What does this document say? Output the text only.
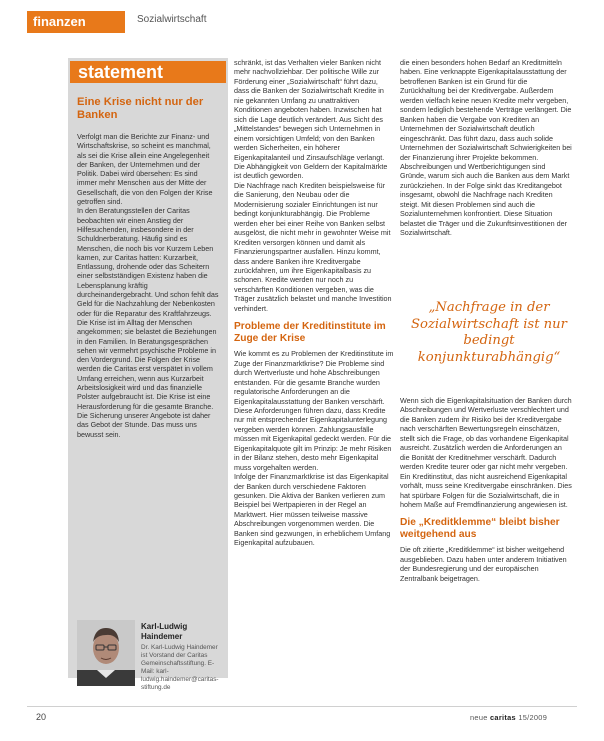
finanzen	Sozialwirtschaft
statement
Eine Krise nicht nur der Banken

Verfolgt man die Berichte zur Finanz- und Wirtschaftskrise, so scheint es manchmal, als sei die Krise allein eine Angelegenheit der Banken, der Unternehmen und der Politik. Dabei wird übersehen: Es sind immer mehr Menschen aus der Mitte der Gesellschaft, die von den Folgen der Krise getroffen sind.

In den Beratungsstellen der Caritas beobachten wir einen Anstieg der Hilfesuchenden, insbesondere in der Schuldnerberatung. Häufig sind es Menschen, die noch bis vor Kurzem Leben kamen, zur Caritas hatten: Kurzarbeit, Entlassung, drohende oder das Scheitern einer selbstständigen Existenz haben die Lebensplanung kräftig durcheinandergebracht. Und schon fehlt das Geld für die Nachzahlung der Nebenkosten oder für die Reparatur des Kraftfahrzeugs. Die Krise ist im Alltag der Menschen angekommen; sie belastet die Beziehungen in den Familien. In Beratungsgesprächen sehen wir vermehrt psychische Probleme in den Vordergrund. Die Folgen der Krise werden die Caritas erst verspätet in vollem Umfang erreichen, wenn aus Kurzarbeit Arbeitslosigkeit wird und das finanzielle Polster aufgebraucht ist. Die Krise ist eine Herausforderung für die gesamte Branche. Die Sicherung unserer Angebote ist daher das Gebot der Stunde. Das muss uns bewusst sein.

Karl-Ludwig Haindemer
Dr. Karl-Ludwig Haindemer ist Vorstand der Caritas Gemeinschaftsstiftung. E-Mail: karl-ludwig.haindemer@caritas-stiftung.de

schränkt, ist das Verhalten vieler Banken nicht mehr nachvollziehbar. Der politische Wille zur Förderung einer „Sozialwirtschaft“ führt dazu, dass die Banken der Sozialwirtschaft Kredite in nie gekannten Umfang zu unattraktiven Konditionen angeboten haben. Inzwischen hat sich die Lage deutlich verändert. Aus Sicht des „Mittelstandes“ bewegen sich Unternehmen in einem vorsichtigen Umfeld; von den Banken werden Sicherheiten, ein höherer Eigenkapitalanteil und Zinsaufschläge verlangt. Die Abhängigkeit von Geldern der Kapitalmärkte ist deutlich geworden.

Die Nachfrage nach Krediten beispielsweise für die Sanierung, den Neubau oder die Modernisierung sozialer Einrichtungen ist nur bedingt konjunkturabhängig. Die Probleme werden eher bei einer Reihe von Banken selbst ausgelöst, die nicht mehr in gewohnter Weise mit Krediten versorgen können und damit als Finanzierungspartner ausfallen. Hinzu kommt, dass andere Banken ihre Kreditvergabe zurückfahren, um ihre Eigenkapitalbasis zu schonen. Kredite werden nur noch zu verschärften Konditionen vergeben, was die Träger zusätzlich belastet und manche Investition verhindert.

Probleme der Kreditinstitute im Zuge der Krise

Wie kommt es zu Problemen der Kreditinstitute im Zuge der Finanzmarktkrise? Die Probleme sind durch Wertverluste und hohe Abschreibungen entstanden. Für die gesamte Branche wurden regulatorische Anforderungen an die Eigenkapitalausstattung der Banken verschärft. Diese Anforderungen führen dazu, dass Kredite nur mit entsprechender Eigenkapitalunterlegung vergeben werden können. Zahlungsausfälle müssen mit Eigenkapital gedeckt werden. Für die Eigenkapitalquote gilt im Prinzip: Je mehr Risiken in der Bilanz stehen, desto mehr Eigenkapital muss vorgehalten werden.

Infolge der Finanzmarktkrise ist das Eigenkapital der Banken durch verschiedene Faktoren gesunken. Die Aktiva der Banken verlieren zum Beispiel bei Wertpapieren in der Regel an Marktwert. Hier müssen teilweise massive Abschreibungen vorgenommen werden. Die Banken sind gezwungen, in erheblichem Umfang Eigenkapital aufzubauen.

die einen besonders hohen Bedarf an Kreditmitteln haben. Eine verknappte Eigenkapitalausstattung der betroffenen Banken ist ein Grund für die Zurückhaltung bei der Kreditvergabe. Außerdem werden vielfach keine neuen Kredite mehr vergeben, sondern lediglich bestehende Verträge verlängert. Die Banken haben die Vergabe von Krediten an Unternehmen der Sozialwirtschaft deutlich eingeschränkt. Das führt dazu, dass auch solide Unternehmen der Sozialwirtschaft Schwierigkeiten bei der Finanzierung ihrer Projekte bekommen. Abschreibungen und Wertberichtigungen sind Gründe, warum sich auch die Banken aus dem Markt zurückziehen. In der Folge sinkt das Kreditangebot insgesamt, obwohl die Nachfrage nach Krediten steigt. Mit diesen Problemen sind auch die Sozialunternehmen konfrontiert. Diese Situation belastet die Träger und die Zukunftsinvestitionen der Sozialwirtschaft.

„Nachfrage in der Sozialwirtschaft ist nur bedingt konjunkturabhängig“

Wenn sich die Eigenkapitalsituation der Banken durch Abschreibungen und Wertverluste verschlechtert und die Banken zudem ihr Risiko bei der Kreditvergabe nach verschärften Bewertungsregeln einschätzen, stellt sich die Frage, ob das vorhandene Eigenkapital ausreicht. Zusätzlich werden die Anforderungen an die Bonität der Kreditnehmer verschärft. Dadurch werden Kredite teurer oder gar nicht mehr vergeben. Ein Kreditinstitut, das nicht ausreichend Eigenkapital vorhält, muss seine Kreditvergabe einschränken. Dies hat spürbare Folgen für die Sozialwirtschaft, die in hohem Maße auf Fremdfinanzierung angewiesen ist.

Die „Kreditklemme“ bleibt bisher weitgehend aus

Die oft zitierte „Kreditklemme“ ist bisher weitgehend ausgeblieben. Dazu haben unter anderem Initiativen der Bundesregierung und der europäischen Zentralbank beigetragen.

20	neue caritas 15/2009
